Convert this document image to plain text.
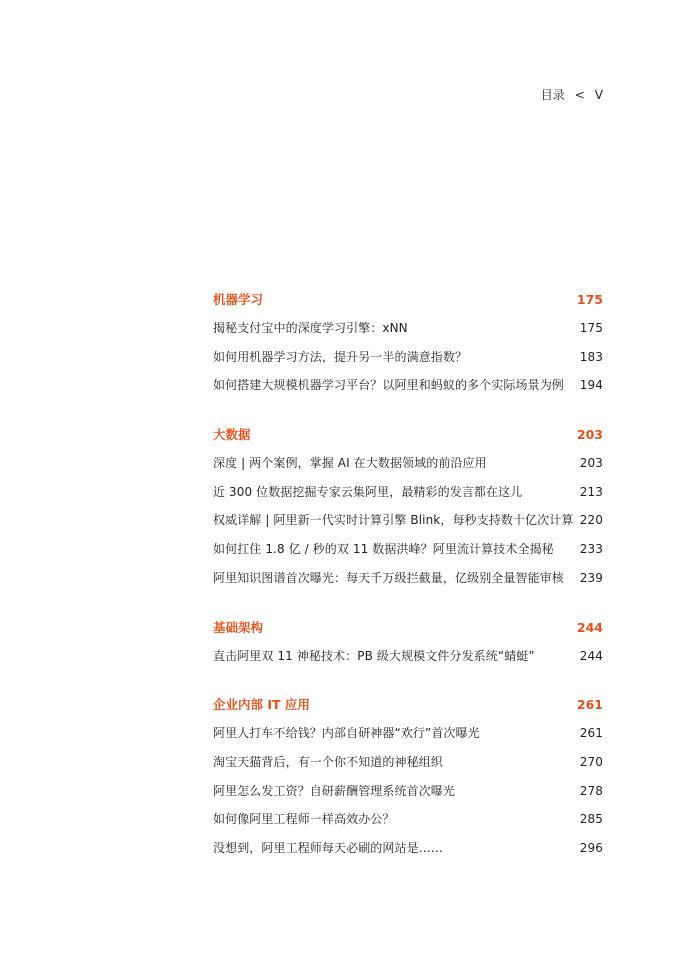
目录 < V
机器学习	175
揭秘支付宝中的深度学习引擎：xNN	175
如何用机器学习方法，提升另一半的满意指数？	183
如何搭建大规模机器学习平台？以阿里和蚂蚁的多个实际场景为例 194
大数据	203
深度 | 两个案例，掌握 AI 在大数据领域的前沿应用	203
近 300 位数据挖掘专家云集阿里，最精彩的发言都在这儿	213
权威详解 | 阿里新一代实时计算引擎 Blink，每秒支持数十亿次计算 220
如何扛住 1.8 亿 / 秒的双 11 数据洪峰？阿里流计算技术全揭秘 233
阿里知识图谱首次曝光：每天千万级拦截量，亿级别全量智能审核 239
基础架构	244
直击阿里双 11 神秘技术：PB 级大规模文件分发系统“蜻蜓”	244
企业内部 IT 应用	261
阿里人打车不给钱？内部自研神器“欢行”首次曝光	261
淘宝天猫背后，有一个你不知道的神秘组织	270
阿里怎么发工资？自研薪酬管理系统首次曝光	278
如何像阿里工程师一样高效办公？	285
没想到，阿里工程师每天必刷的网站是……	296
